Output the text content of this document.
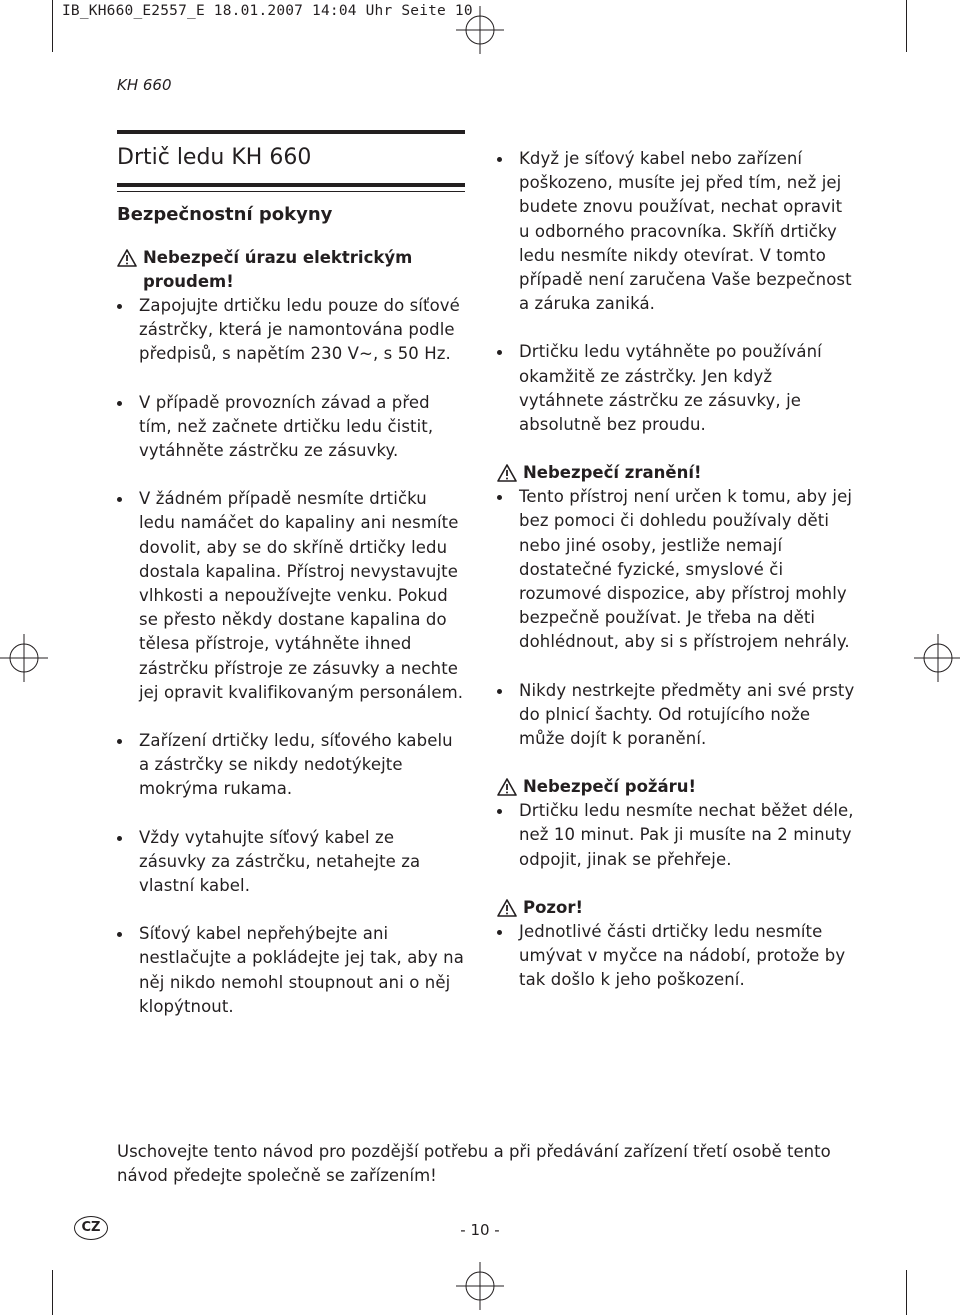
IB_KH660_E2557_E 18.01.2007 14:04 Uhr Seite 10
KH 660
Drtič ledu KH 660
Bezpečnostní pokyny
Nebezpečí úrazu elektrickým proudem!
Zapojujte drtičku ledu pouze do síťové zástrčky, která je namontována podle předpisů, s napětím 230 V~, s 50 Hz.
V případě provozních závad a před tím, než začnete drtičku ledu čistit, vytáhněte zástrčku ze zásuvky.
V žádném případě nesmíte drtičku ledu namáčet do kapaliny ani nesmíte dovolit, aby se do skříně drtičky ledu dostala kapalina. Přístroj nevystavujte vlhkosti a nepoužívejte venku. Pokud se přesto někdy dostane kapalina do tělesa přístroje, vytáhněte ihned zástrčku přístroje ze zásuvky a nechte jej opravit kvalifikovaným personálem.
Zařízení drtičky ledu, síťového kabelu a zástrčky se nikdy nedotýkejte mokrýma rukama.
Vždy vytahujte síťový kabel ze zásuvky za zástrčku, netahejte za vlastní kabel.
Síťový kabel nepřehýbejte ani nestlačujte a pokládejte jej tak, aby na něj nikdo nemohl stoupnout ani o něj klopýtnout.
Když je síťový kabel nebo zařízení poškozeno, musíte jej před tím, než jej budete znovu používat, nechat opravit u odborného pracovníka. Skříň drtičky ledu nesmíte nikdy otevírat. V tomto případě není zaručena Vaše bezpečnost a záruka zaniká.
Drtičku ledu vytáhněte po používání okamžitě ze zástrčky. Jen když vytáhnete zástrčku ze zásuvky, je absolutně bez proudu.
Nebezpečí zranění!
Tento přístroj není určen k tomu, aby jej bez pomoci či dohledu používaly děti nebo jiné osoby, jestliže nemají dostatečné fyzické, smyslové či rozumové dispozice, aby přístroj mohly bezpečně používat. Je třeba na děti dohlédnout, aby si s přístrojem nehrály.
Nikdy nestrkejte předměty ani své prsty do plnicí šachty. Od rotujícího nože může dojít k poranění.
Nebezpečí požáru!
Drtičku ledu nesmíte nechat běžet déle, než 10 minut. Pak ji musíte na 2 minuty odpojit, jinak se přehřeje.
Pozor!
Jednotlivé části drtičky ledu nesmíte umývat v myčce na nádobí, protože by tak došlo k jeho poškození.
Uschovejte tento návod pro pozdější potřebu a při předávání zařízení třetí osobě tento návod předejte společně se zařízením!
CZ	- 10 -
